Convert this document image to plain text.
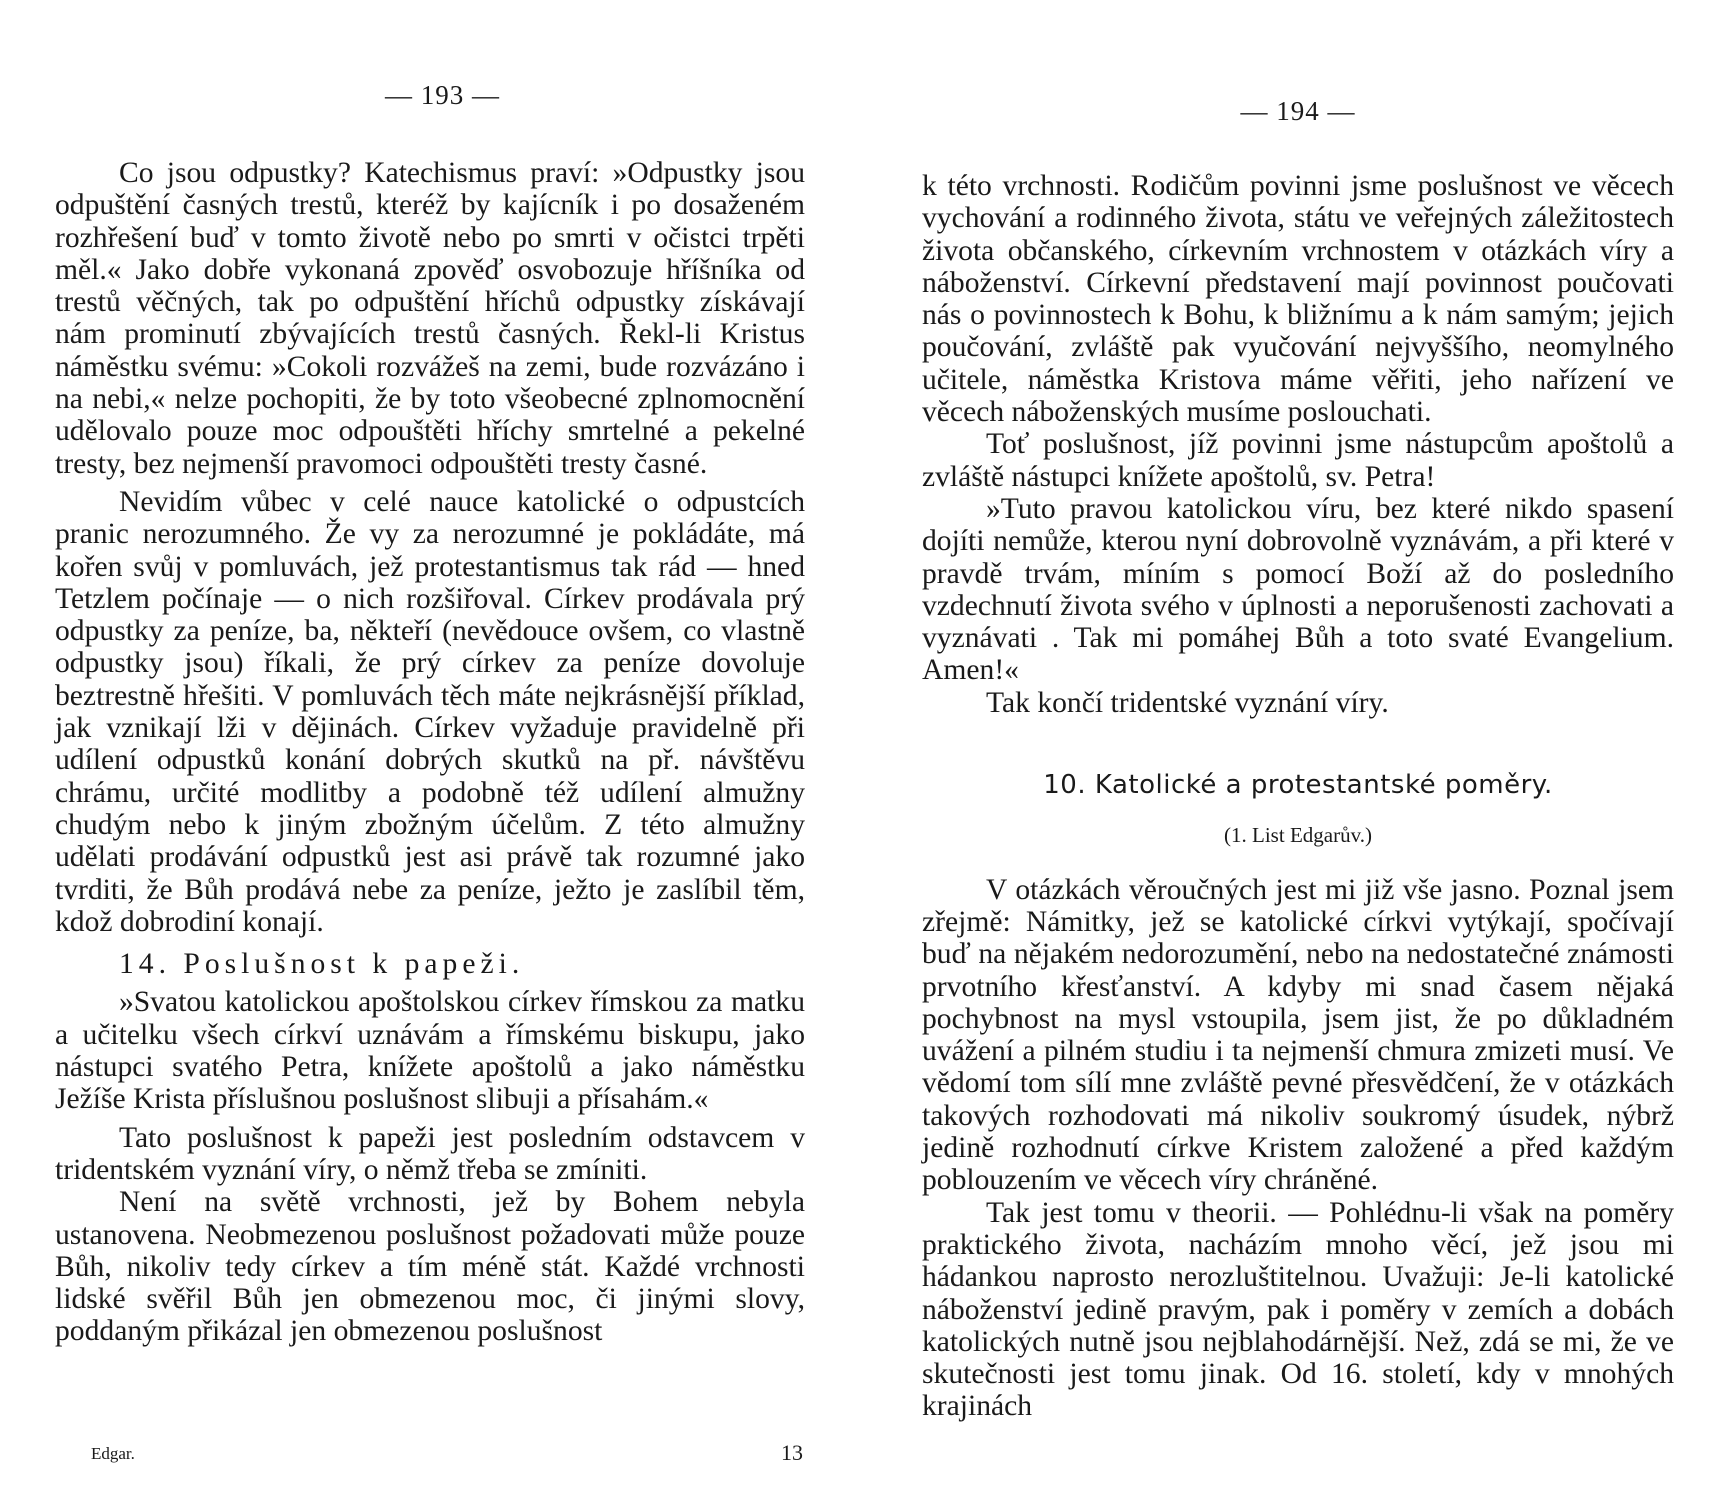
— 193 —

Co jsou odpustky? Katechismus praví: »Odpustky jsou odpuštění časných trestů, kteréž by kajícník i po dosaženém rozhřešení buď v tomto životě nebo po smrti v očistci trpěti měl.« Jako dobře vykonaná zpověď osvobozuje hříšníka od trestů věčných, tak po odpuštění hříchů odpustky získávají nám prominutí zbývajících trestů časných. Řekl-li Kristus náměstku svému: »Cokoli rozvážeš na zemi, bude rozvázáno i na nebi,« nelze pochopiti, že by toto všeobecné zplnomocnění udělovalo pouze moc odpouštěti hříchy smrtelné a pekelné tresty, bez nejmenší pravomoci odpouštěti tresty časné.

Nevidím vůbec v celé nauce katolické o odpustcích pranic nerozumného. Že vy za nerozumné je pokládáte, má kořen svůj v pomluvách, jež protestantismus tak rád — hned Tetzlem počínaje — o nich rozšiřoval. Církev prodávala prý odpustky za peníze, ba, někteří (nevědouce ovšem, co vlastně odpustky jsou) říkali, že prý církev za peníze dovoluje beztrestně hřešiti. V pomluvách těch máte nejkrásnější příklad, jak vznikají lži v dějinách. Církev vyžaduje pravidelně při udílení odpustků konání dobrých skutků na př. návštěvu chrámu, určité modlitby a podobně též udílení almužny chudým nebo k jiným zbožným účelům. Z této almužny udělati prodávání odpustků jest asi právě tak rozumné jako tvrditi, že Bůh prodává nebe za peníze, ježto je zaslíbil těm, kdož dobrodiní konají.

14. Poslušnost k papeži.

»Svatou katolickou apoštolskou církev římskou za matku a učitelku všech církví uznávám a římskému biskupu, jako nástupci svatého Petra, knížete apoštolů a jako náměstku Ježíše Krista příslušnou poslušnost slibuji a přísahám.«

Tato poslušnost k papeži jest posledním odstavcem v tridentském vyznání víry, o němž třeba se zmíniti.

Není na světě vrchnosti, jež by Bohem nebyla ustanovena. Neobmezenou poslušnost požadovati může pouze Bůh, nikoliv tedy církev a tím méně stát. Každé vrchnosti lidské svěřil Bůh jen obmezenou moc, či jinými slovy, poddaným přikázal jen obmezenou poslušnost

Edgar.	13
— 194 —

k této vrchnosti. Rodičům povinni jsme poslušnost ve věcech vychování a rodinného života, státu ve veřejných záležitostech života občanského, církevním vrchnostem v otázkách víry a náboženství. Církevní představení mají povinnost poučovati nás o povinnostech k Bohu, k bližnímu a k nám samým; jejich poučování, zvláště pak vyučování nejvyššího, neomylného učitele, náměstka Kristova máme věřiti, jeho nařízení ve věcech náboženských musíme poslouchati.

Toť poslušnost, jíž povinni jsme nástupcům apoštolů a zvláště nástupci knížete apoštolů, sv. Petra!

»Tuto pravou katolickou víru, bez které nikdo spasení dojíti nemůže, kterou nyní dobrovolně vyznávám, a při které v pravdě trvám, míním s pomocí Boží až do posledního vzdechnutí života svého v úplnosti a neporušenosti zachovati a vyznávati . Tak mi pomáhej Bůh a toto svaté Evangelium. Amen!«

Tak končí tridentské vyznání víry.

10. Katolické a protestantské poměry.
(1. List Edgarův.)

V otázkách věroučných jest mi již vše jasno. Poznal jsem zřejmě: Námitky, jež se katolické církvi vytýkají, spočívají buď na nějakém nedorozumění, nebo na nedostatečné známosti prvotního křesťanství. A kdyby mi snad časem nějaká pochybnost na mysl vstoupila, jsem jist, že po důkladném uvážení a pilném studiu i ta nejmenší chmura zmizeti musí. Ve vědomí tom sílí mne zvláště pevné přesvědčení, že v otázkách takových rozhodovati má nikoliv soukromý úsudek, nýbrž jedině rozhodnutí církve Kristem založené a před každým poblouzením ve věcech víry chráněné.

Tak jest tomu v theorii. — Pohlédnu-li však na poměry praktického života, nacházím mnoho věcí, jež jsou mi hádankou naprosto nerozluštitelnou. Uvažuji: Je-li katolické náboženství jedině pravým, pak i poměry v zemích a dobách katolických nutně jsou nejblahodárnější. Než, zdá se mi, že ve skutečnosti jest tomu jinak. Od 16. století, kdy v mnohých krajinách
